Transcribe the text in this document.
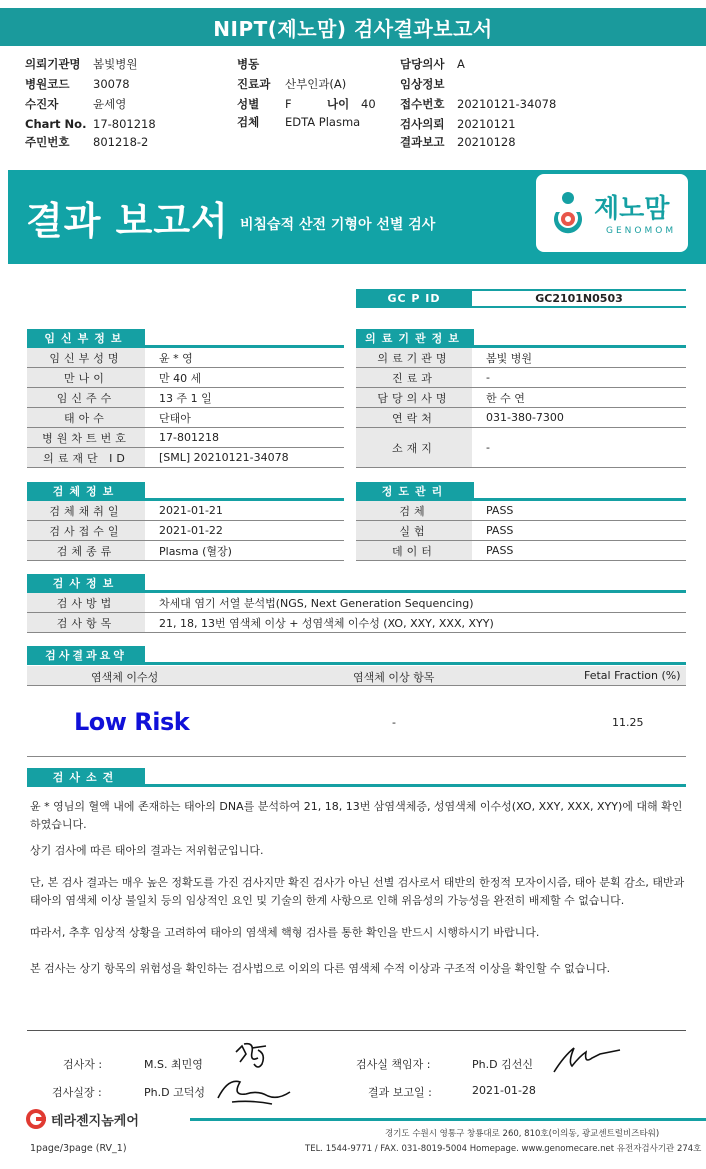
NIPT(제노맘) 검사결과보고서
의뢰기관명 봄빛병원
병원코드 30078
수진자	윤세영
Chart No. 17-801218
주민번호 801218-2
병동
진료과 산부인과(A)
성별 F	나이 40
검체 EDTA Plasma
담당의사 A
임상정보
접수번호 20210121-34078
검사의뢰 20210121
결과보고 20210128
결과 보고서 비침습적 산전 기형아 선별 검사
제노맘
GENOMOM
GC P ID	GC2101N0503
임신부정보
임신부성명	윤 * 영
만나이	만 40 세
임신주수	13 주 1 일
태아수	단태아
병원차트번호	17-801218
의료재단 ID	[SML] 20210121-34078
의료기관정보
의료기관명	봄빛 병원
진료과	-
담당의사명	한 수 연
연락처	031-380-7300
소재지	-
검체정보
검체채취일	2021-01-21
검사접수일	2021-01-22
검체종류	Plasma (혈장)
정도관리
검체	PASS
실험	PASS
데이터	PASS
검사정보
검사방법	차세대 염기 서열 분석법(NGS, Next Generation Sequencing)
검사항목	21, 18, 13번 염색체 이상 + 성염색체 이수성 (XO, XXY, XXX, XYY)
검사결과요약
염색체 이수성	염색체 이상 항목	Fetal Fraction (%)
Low Risk	-	11.25
검사소견
윤 * 영님의 혈액 내에 존재하는 태아의 DNA를 분석하여 21, 18, 13번 삼염색체증, 성염색체 이수성(XO, XXY, XXX, XYY)에 대해 확인하였습니다.
상기 검사에 따른 태아의 결과는 저위험군입니다.
단, 본 검사 결과는 매우 높은 정확도를 가진 검사지만 확진 검사가 아닌 선별 검사로서 태반의 한정적 모자이시즘, 태아 분획 감소, 태반과 태아의 염색체 이상 불일치 등의 임상적인 요인 및 기술의 한계 사항으로 인해 위음성의 가능성을 완전히 배제할 수 없습니다.
따라서, 추후 임상적 상황을 고려하여 태아의 염색체 핵형 검사를 통한 확인을 반드시 시행하시기 바랍니다.
본 검사는 상기 항목의 위험성을 확인하는 검사법으로 이외의 다른 염색체 수적 이상과 구조적 이상을 확인할 수 없습니다.
검사자 :	M.S. 최민영	검사실 책임자 :	Ph.D 김선신
검사실장 :	Ph.D 고덕성	결과 보고일 :	2021-01-28
테라젠지놈케어
경기도 수원시 영통구 창룡대로 260, 810호(이의동, 광교센트럴비즈타워)
TEL. 1544-9771 / FAX. 031-8019-5004 Homepage. www.genomecare.net 유전자검사기관 274호
1page/3page (RV_1)
